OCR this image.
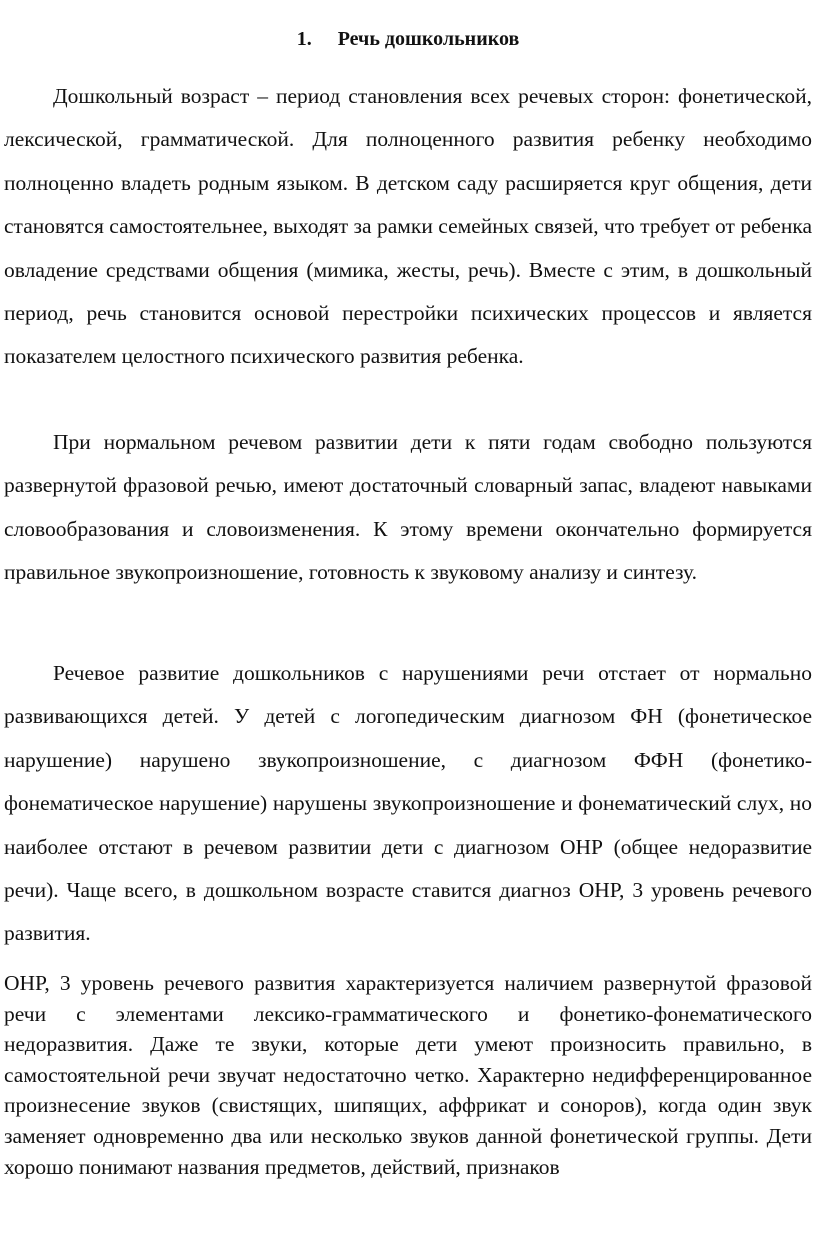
1. Речь дошкольников

Дошкольный возраст – период становления всех речевых сторон: фонетической, лексической, грамматической. Для полноценного развития ребенку необходимо полноценно владеть родным языком. В детском саду расширяется круг общения, дети становятся самостоятельнее, выходят за рамки семейных связей, что требует от ребенка овладение средствами общения (мимика, жесты, речь). Вместе с этим, в дошкольный период, речь становится основой перестройки психических процессов и является показателем целостного психического развития ребенка.

При нормальном речевом развитии дети к пяти годам свободно пользуются развернутой фразовой речью, имеют достаточный словарный запас, владеют навыками словообразования и словоизменения. К этому времени окончательно формируется правильное звукопроизношение, готовность к звуковому анализу и синтезу.

Речевое развитие дошкольников с нарушениями речи отстает от нормально развивающихся детей. У детей с логопедическим диагнозом ФН (фонетическое нарушение) нарушено звукопроизношение, с диагнозом ФФН (фонетико-фонематическое нарушение) нарушены звукопроизношение и фонематический слух, но наиболее отстают в речевом развитии дети с диагнозом ОНР (общее недоразвитие речи). Чаще всего, в дошкольном возрасте ставится диагноз ОНР, 3 уровень речевого развития.

ОНР, 3 уровень речевого развития характеризуется наличием развернутой фразовой речи с элементами лексико-грамматического и фонетико-фонематического недоразвития. Даже те звуки, которые дети умеют произносить правильно, в самостоятельной речи звучат недостаточно четко. Характерно недифференцированное произнесение звуков (свистящих, шипящих, аффрикат и соноров), когда один звук заменяет одновременно два или несколько звуков данной фонетической группы. Дети хорошо понимают названия предметов, действий, признаков
